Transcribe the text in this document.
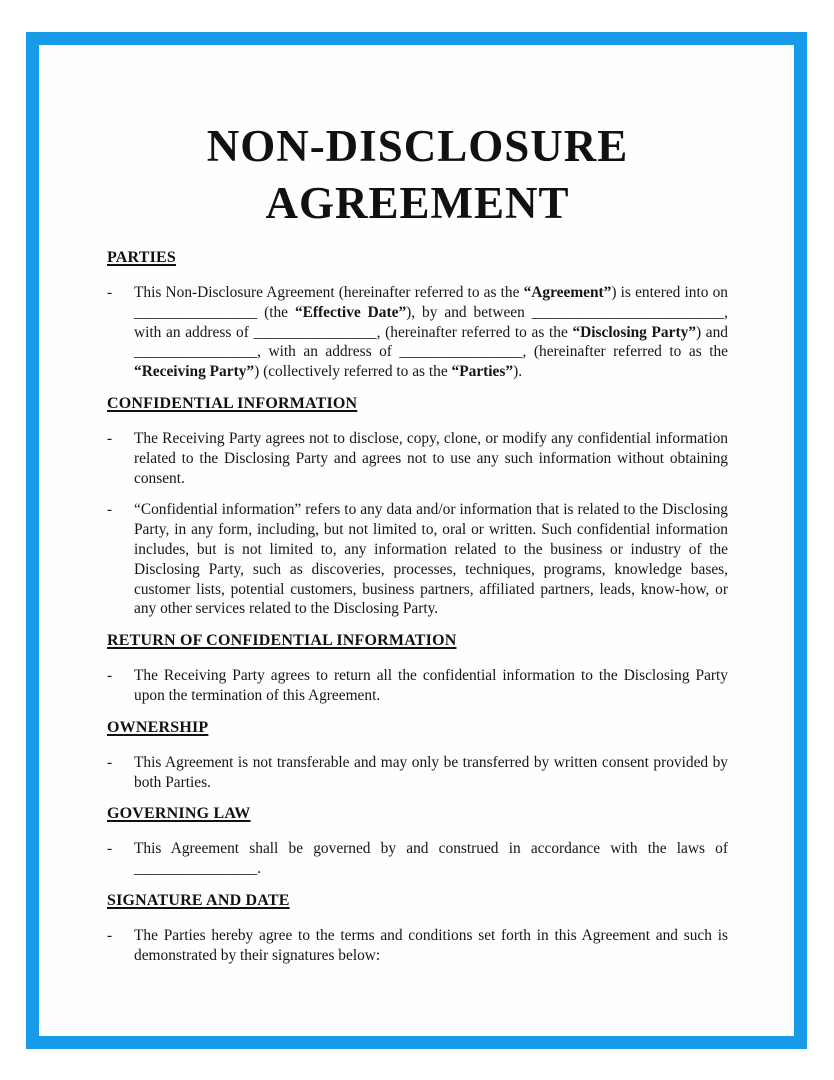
NON-DISCLOSURE
AGREEMENT
PARTIES
-	This Non-Disclosure Agreement (hereinafter referred to as the “Agreement”) is entered into on ________________ (the “Effective Date”), by and between _________________________, with an address of ________________, (hereinafter referred to as the “Disclosing Party”) and ________________, with an address of ________________, (hereinafter referred to as the “Receiving Party”) (collectively referred to as the “Parties”).
CONFIDENTIAL INFORMATION
-	The Receiving Party agrees not to disclose, copy, clone, or modify any confidential information related to the Disclosing Party and agrees not to use any such information without obtaining consent.
-	“Confidential information” refers to any data and/or information that is related to the Disclosing Party, in any form, including, but not limited to, oral or written. Such confidential information includes, but is not limited to, any information related to the business or industry of the Disclosing Party, such as discoveries, processes, techniques, programs, knowledge bases, customer lists, potential customers, business partners, affiliated partners, leads, know-how, or any other services related to the Disclosing Party.
RETURN OF CONFIDENTIAL INFORMATION
-	The Receiving Party agrees to return all the confidential information to the Disclosing Party upon the termination of this Agreement.
OWNERSHIP
-	This Agreement is not transferable and may only be transferred by written consent provided by both Parties.
GOVERNING LAW
-	This Agreement shall be governed by and construed in accordance with the laws of ________________.
SIGNATURE AND DATE
-	The Parties hereby agree to the terms and conditions set forth in this Agreement and such is demonstrated by their signatures below:
